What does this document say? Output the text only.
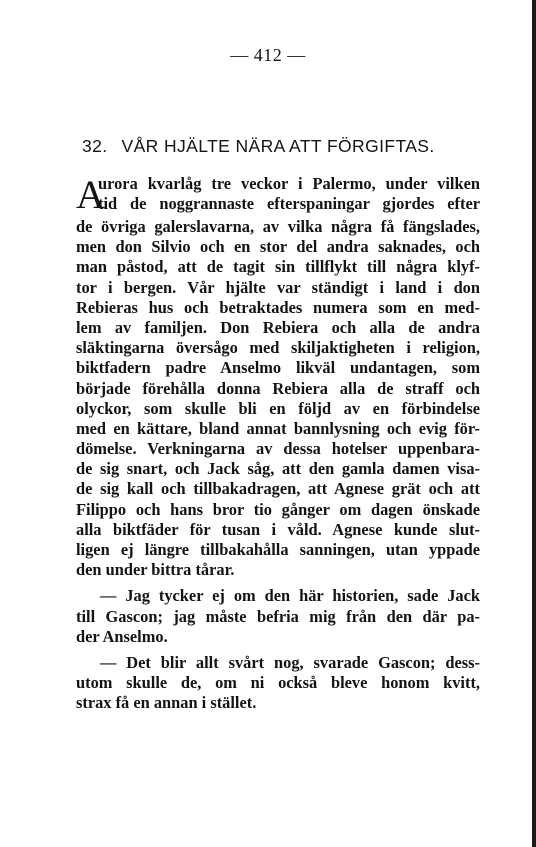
— 412 —
32. VÅR HJÄLTE NÄRA ATT FÖRGIFTAS.
A
urora kvarlåg tre veckor i Palermo, under vilken
tid de noggrannaste efterspaningar gjordes efter
de övriga galerslavarna, av vilka några få fängslades,
men don Silvio och en stor del andra saknades, och
man påstod, att de tagit sin tillflykt till några klyf-
tor i bergen. Vår hjälte var ständigt i land i don
Rebieras hus och betraktades numera som en med-
lem av familjen. Don Rebiera och alla de andra
släktingarna översågo med skiljaktigheten i religion,
biktfadern padre Anselmo likväl undantagen, som
började förehålla donna Rebiera alla de straff och
olyckor, som skulle bli en följd av en förbindelse
med en kättare, bland annat bannlysning och evig för-
dömelse. Verkningarna av dessa hotelser uppenbara-
de sig snart, och Jack såg, att den gamla damen visa-
de sig kall och tillbakadragen, att Agnese grät och att
Filippo och hans bror tio gånger om dagen önskade
alla biktfäder för tusan i våld. Agnese kunde slut-
ligen ej längre tillbakahålla sanningen, utan yppade
den under bittra tårar.
— Jag tycker ej om den här historien, sade Jack
till Gascon; jag måste befria mig från den där pa-
der Anselmo.
— Det blir allt svårt nog, svarade Gascon; dess-
utom skulle de, om ni också bleve honom kvitt,
strax få en annan i stället.
